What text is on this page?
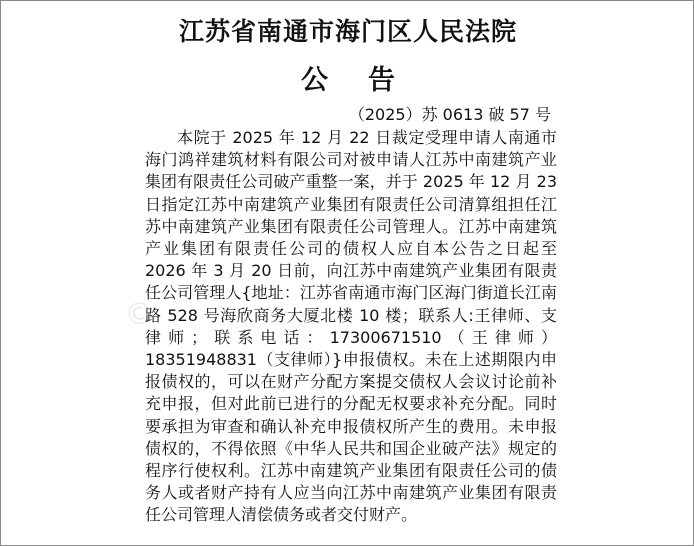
©
江苏省南通市海门区人民法院
公告
（2025）苏 0613 破 57 号

本院于 2025 年 12 月 22 日裁定受理申请人南通市海门鸿祥建筑材料有限公司对被申请人江苏中南建筑产业集团有限责任公司破产重整一案，并于 2025 年 12 月 23 日指定江苏中南建筑产业集团有限责任公司清算组担任江苏中南建筑产业集团有限责任公司管理人。江苏中南建筑产业集团有限责任公司的债权人应自本公告之日起至 2026 年 3 月 20 日前，向江苏中南建筑产业集团有限责任公司管理人{地址：江苏省南通市海门区海门街道长江南路 528 号海欣商务大厦北楼 10 楼；联系人:王律师、支律师；联系电话：17300671510（王律师）18351948831（支律师）}申报债权。未在上述期限内申报债权的，可以在财产分配方案提交债权人会议讨论前补充申报，但对此前已进行的分配无权要求补充分配。同时要承担为审查和确认补充申报债权所产生的费用。未申报债权的，不得依照《中华人民共和国企业破产法》规定的程序行使权利。江苏中南建筑产业集团有限责任公司的债务人或者财产持有人应当向江苏中南建筑产业集团有限责任公司管理人清偿债务或者交付财产。
